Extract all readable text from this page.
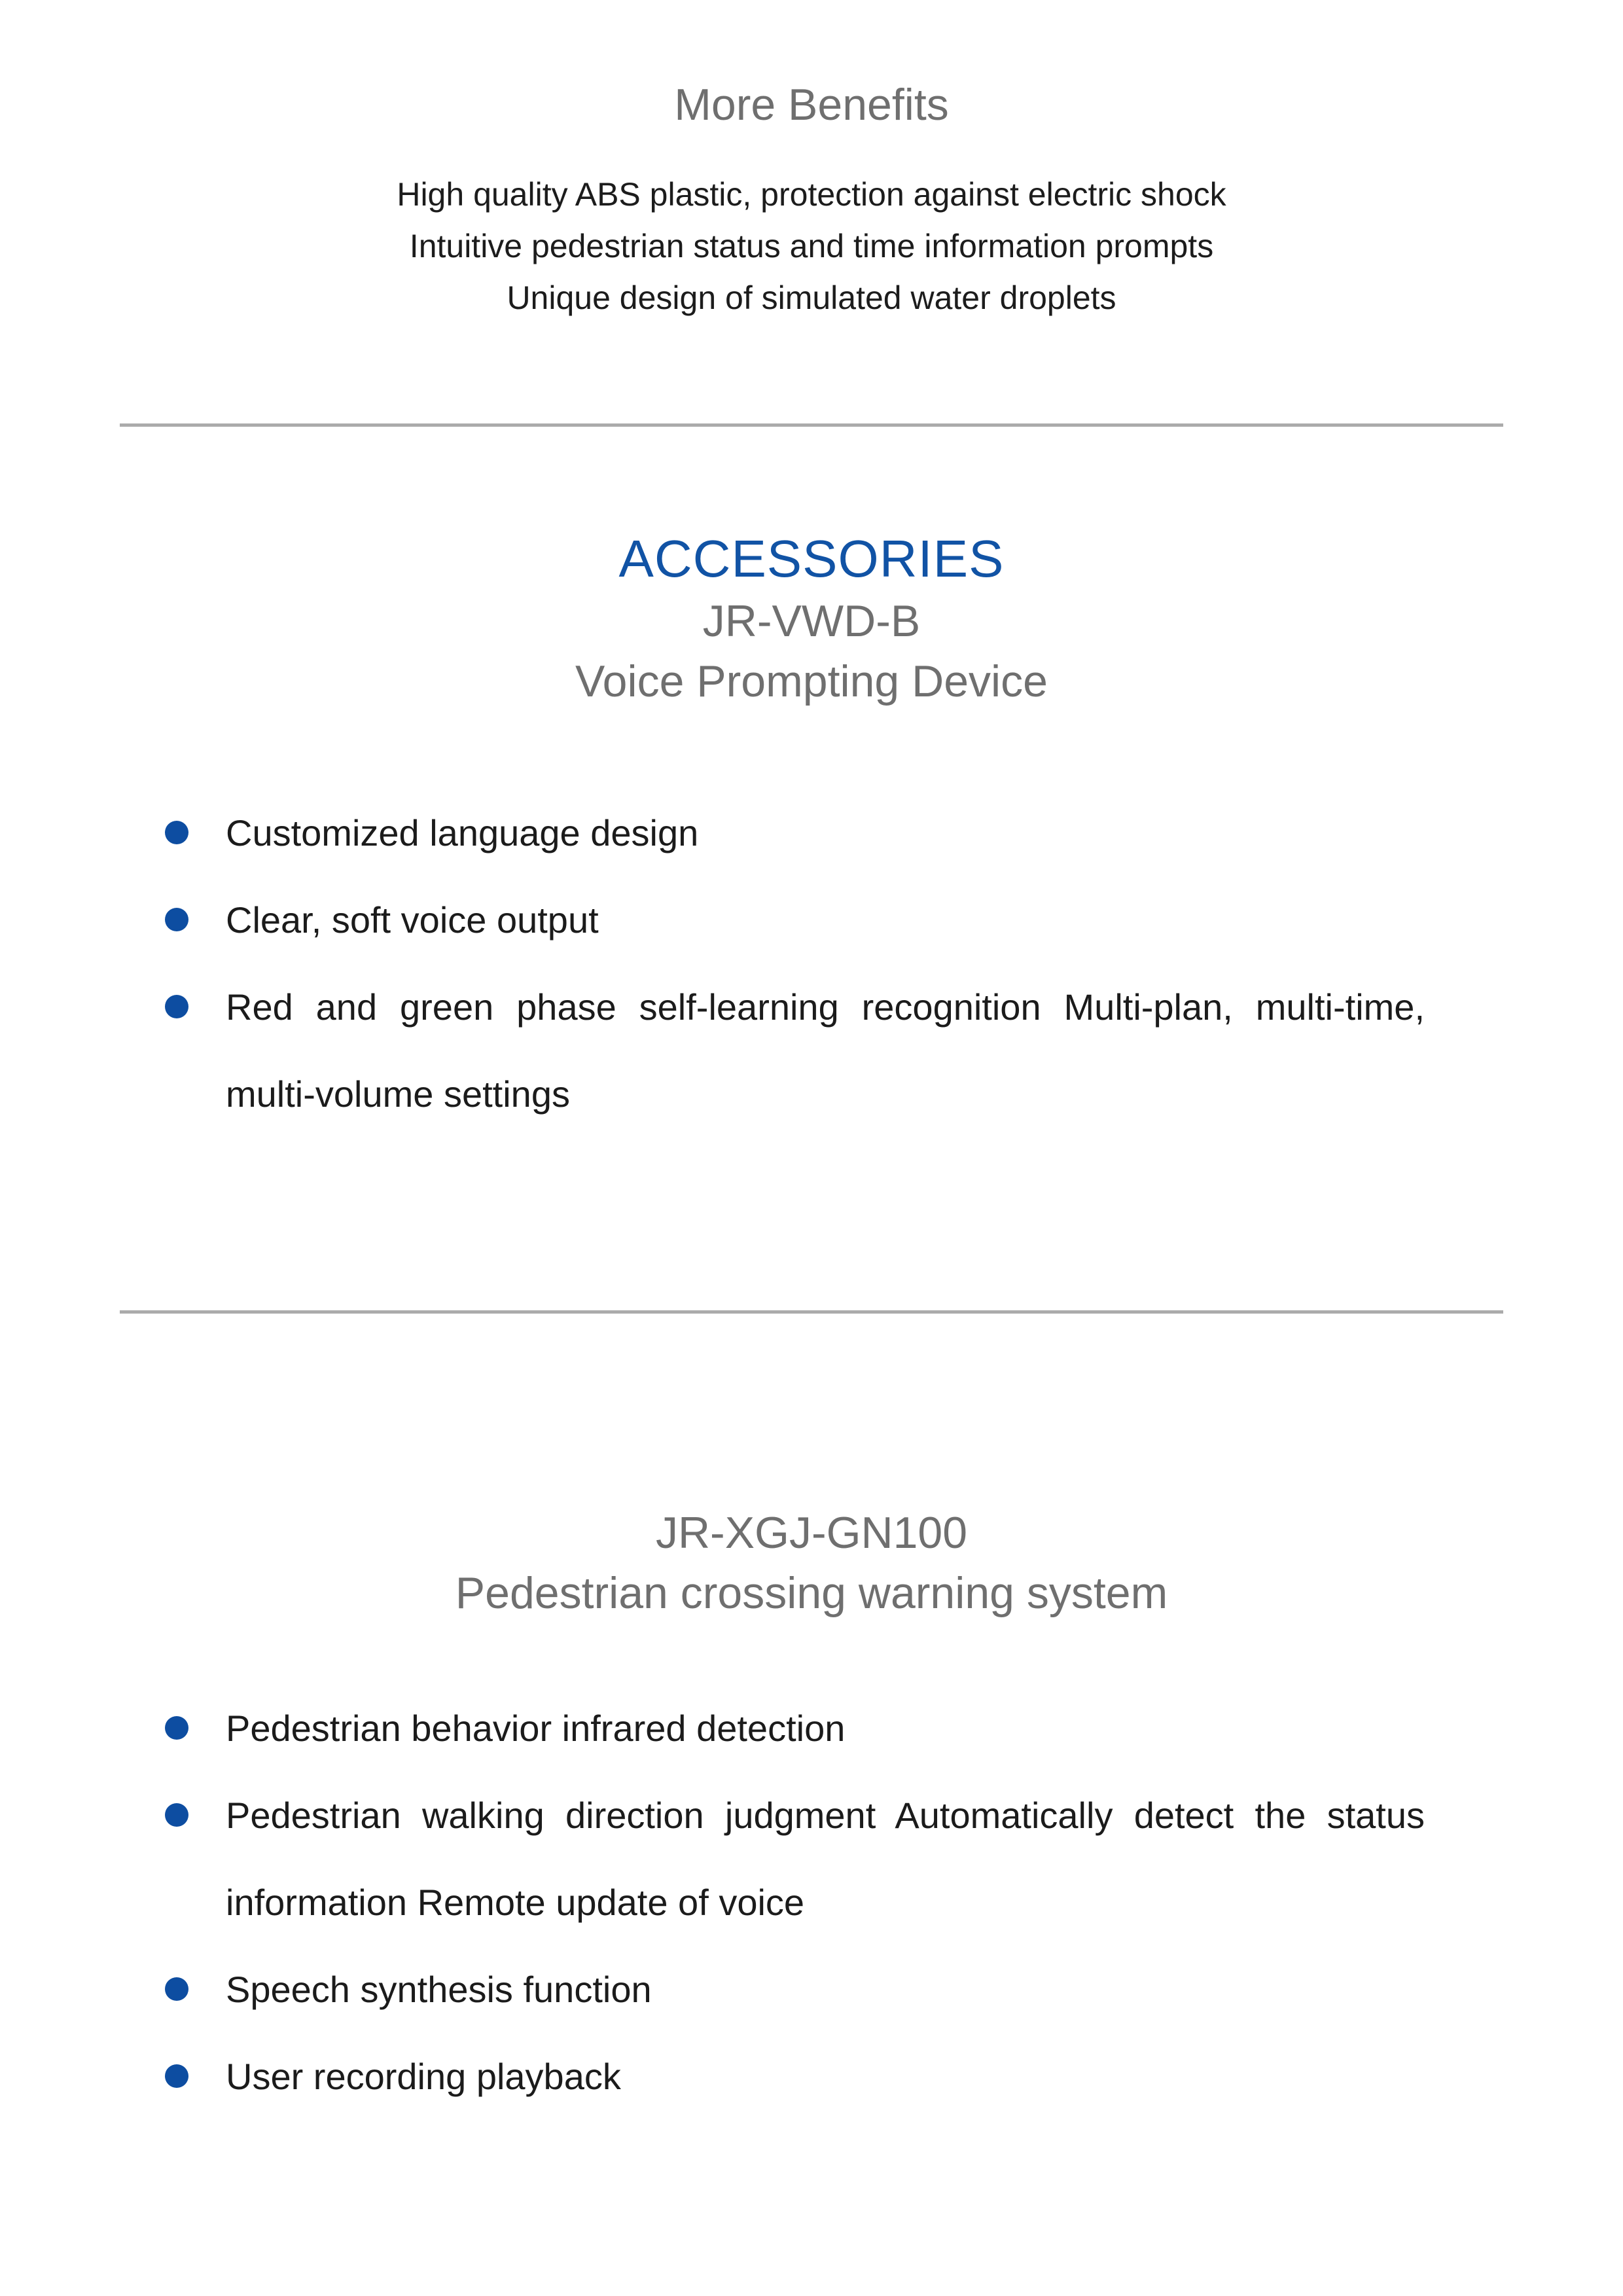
More Benefits
High quality ABS plastic, protection against electric shock
Intuitive pedestrian status and time information prompts
Unique design of simulated water droplets
ACCESSORIES
JR-VWD-B
Voice Prompting Device
Customized language design
Clear, soft voice output
Red and green phase self-learning recognition Multi-plan, multi-time, multi-volume settings
JR-XGJ-GN100
Pedestrian crossing warning system
Pedestrian behavior infrared detection
Pedestrian walking direction judgment Automatically detect the status information Remote update of voice
Speech synthesis function
User recording playback
